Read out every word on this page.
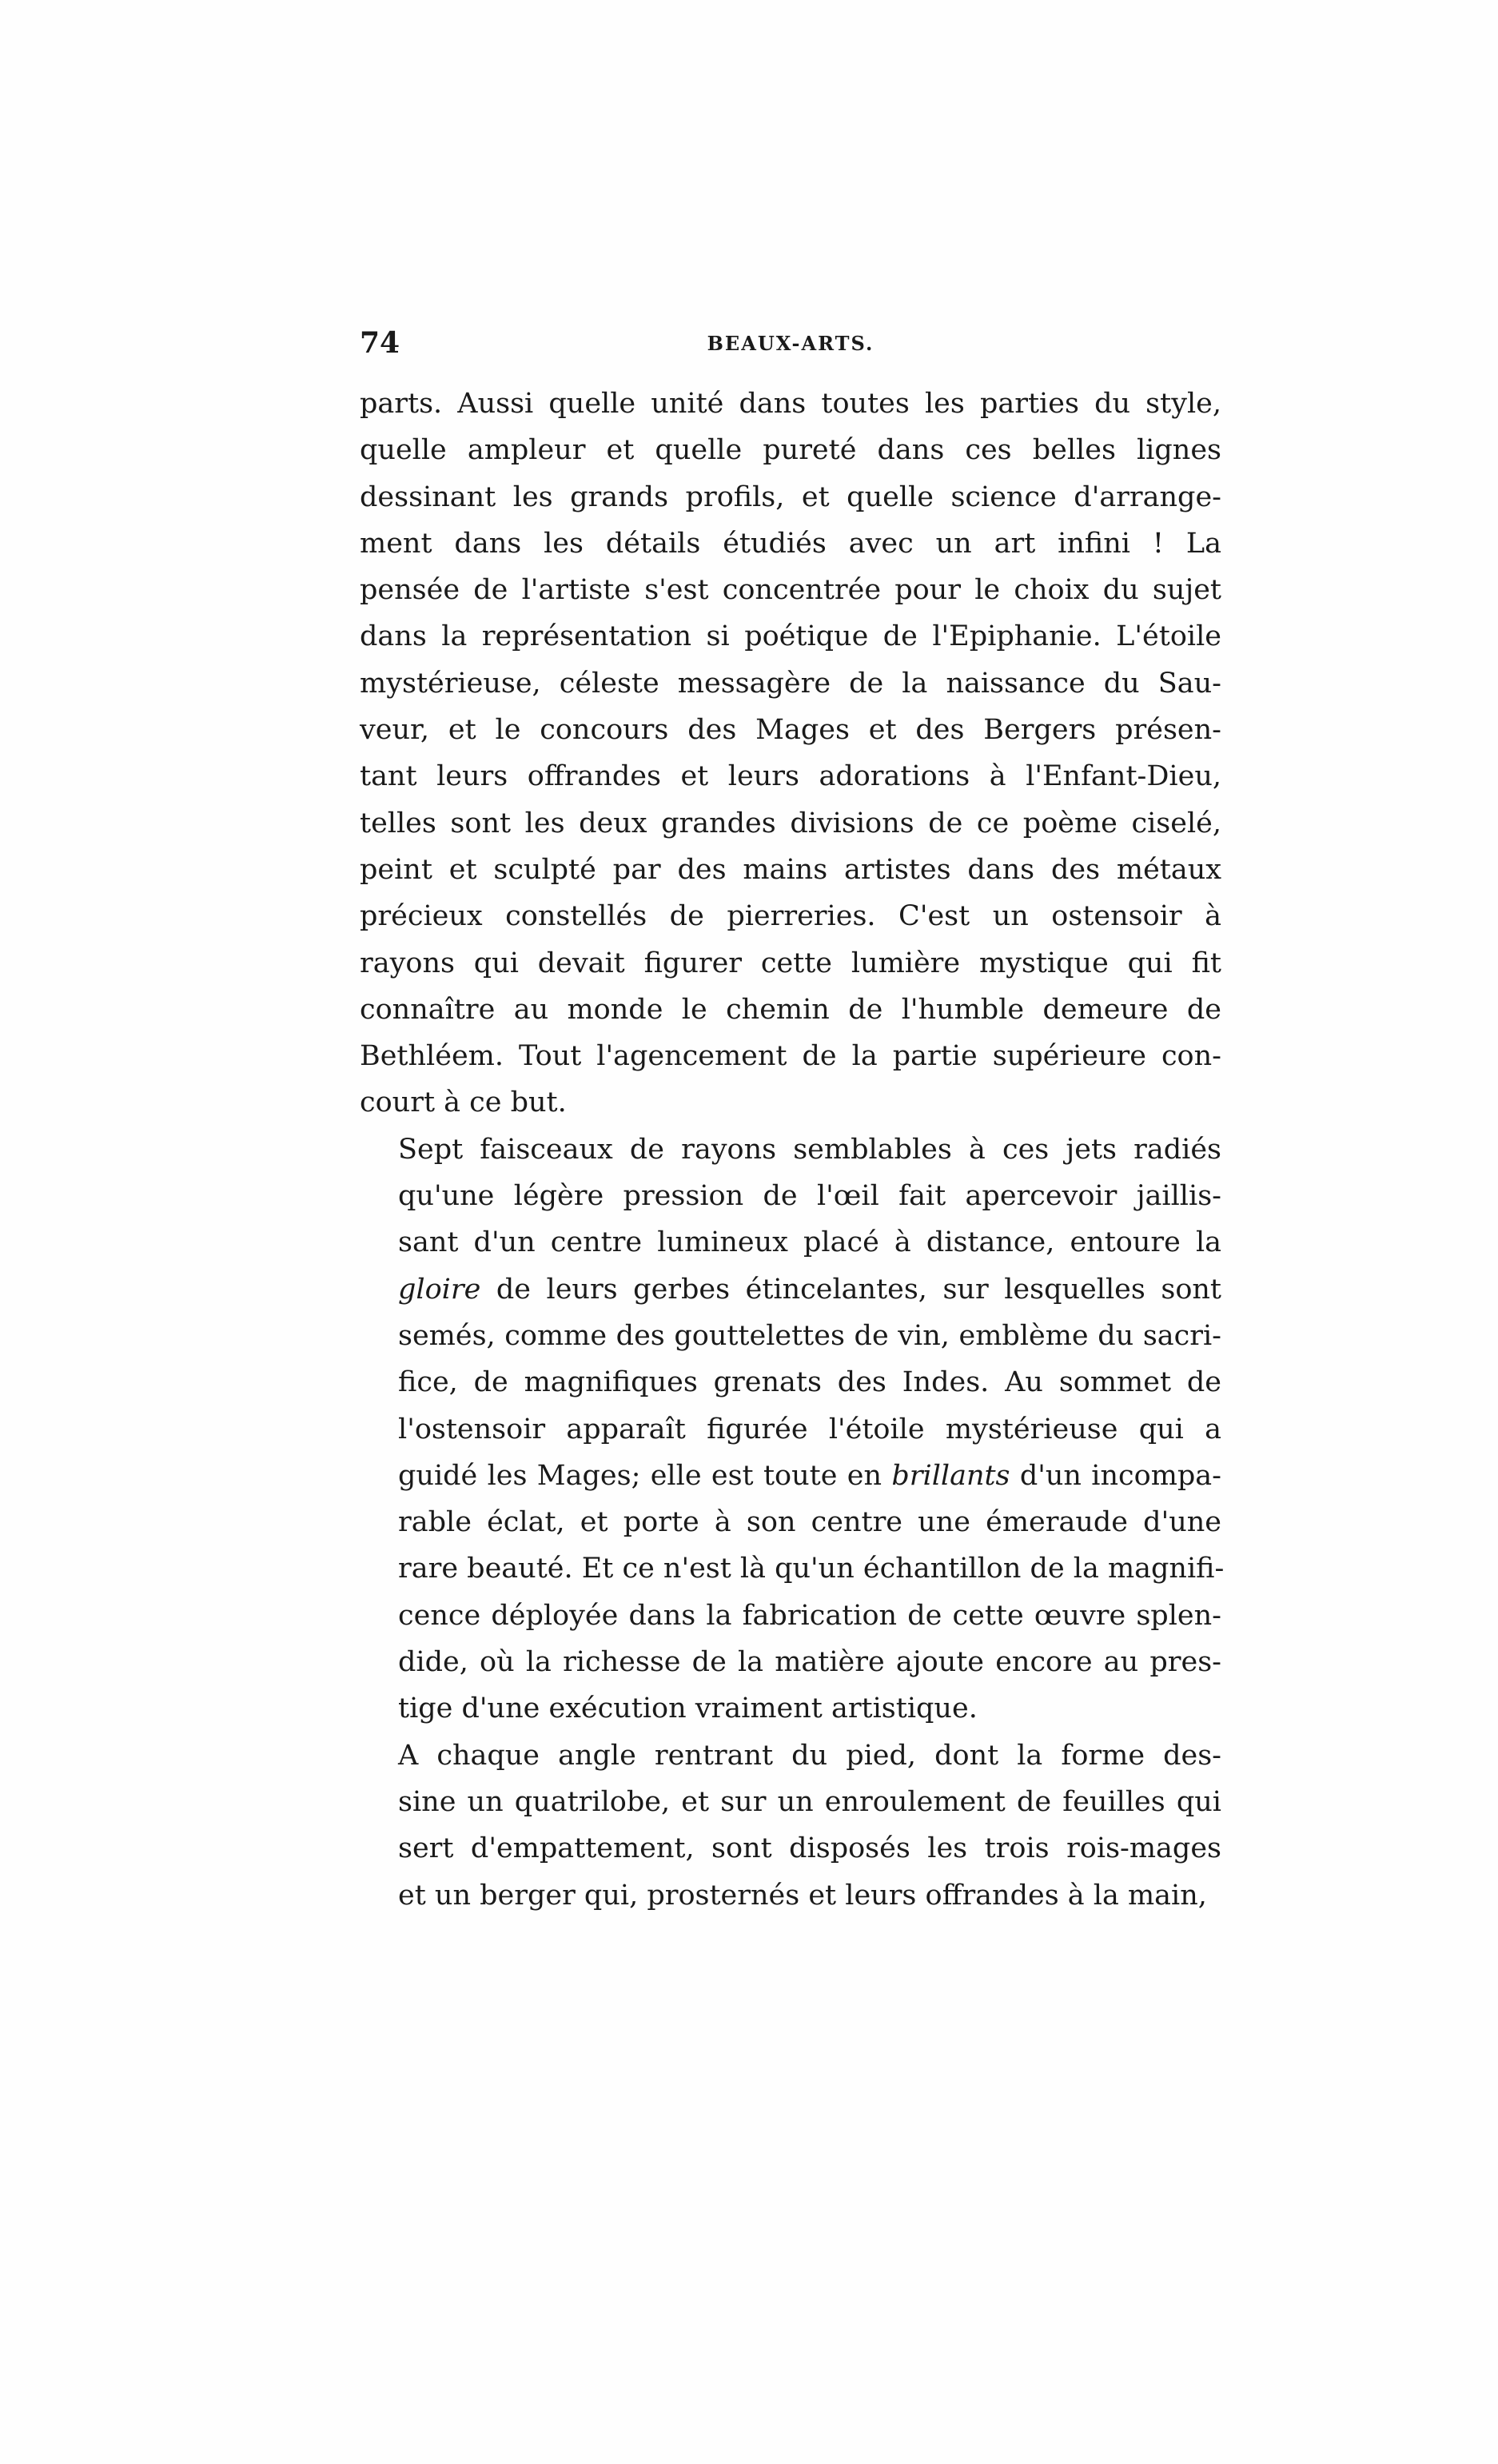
74	BEAUX-ARTS.

parts. Aussi quelle unité dans toutes les parties du style,
quelle ampleur et quelle pureté dans ces belles lignes
dessinant les grands profils, et quelle science d'arrange-
ment dans les détails étudiés avec un art infini ! La
pensée de l'artiste s'est concentrée pour le choix du sujet
dans la représentation si poétique de l'Epiphanie. L'étoile
mystérieuse, céleste messagère de la naissance du Sau-
veur, et le concours des Mages et des Bergers présen-
tant leurs offrandes et leurs adorations à l'Enfant-Dieu,
telles sont les deux grandes divisions de ce poème ciselé,
peint et sculpté par des mains artistes dans des métaux
précieux constellés de pierreries. C'est un ostensoir à
rayons qui devait figurer cette lumière mystique qui fit
connaître au monde le chemin de l'humble demeure de
Bethléem. Tout l'agencement de la partie supérieure con-
court à ce but.

Sept faisceaux de rayons semblables à ces jets radiés
qu'une légère pression de l'œil fait apercevoir jaillis-
sant d'un centre lumineux placé à distance, entoure la
gloire de leurs gerbes étincelantes, sur lesquelles sont
semés, comme des gouttelettes de vin, emblème du sacri-
fice, de magnifiques grenats des Indes. Au sommet de
l'ostensoir apparaît figurée l'étoile mystérieuse qui a
guidé les Mages; elle est toute en brillants d'un incompa-
rable éclat, et porte à son centre une émeraude d'une
rare beauté. Et ce n'est là qu'un échantillon de la magnifi-
cence déployée dans la fabrication de cette œuvre splen-
dide, où la richesse de la matière ajoute encore au pres-
tige d'une exécution vraiment artistique.

A chaque angle rentrant du pied, dont la forme des-
sine un quatrilobe, et sur un enroulement de feuilles qui
sert d'empattement, sont disposés les trois rois-mages
et un berger qui, prosternés et leurs offrandes à la main,
